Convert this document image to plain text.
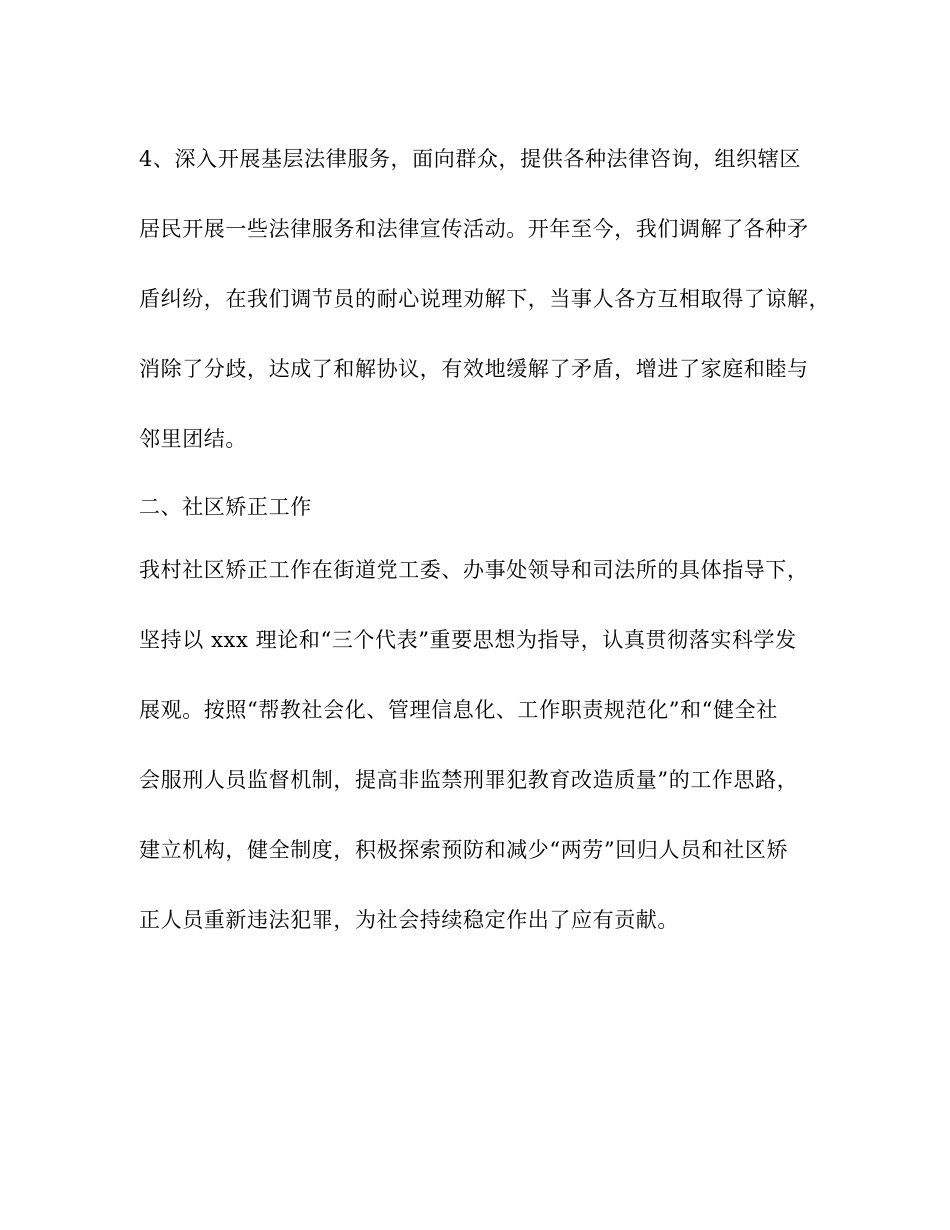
4、深入开展基层法律服务，面向群众，提供各种法律咨询，组织辖区
居民开展一些法律服务和法律宣传活动。开年至今，我们调解了各种矛
盾纠纷，在我们调节员的耐心说理劝解下，当事人各方互相取得了谅解，
消除了分歧，达成了和解协议，有效地缓解了矛盾，增进了家庭和睦与
邻里团结。
二、社区矫正工作
我村社区矫正工作在街道党工委、办事处领导和司法所的具体指导下，
坚持以 xxx 理论和“三个代表”重要思想为指导，认真贯彻落实科学发
展观。按照“帮教社会化、管理信息化、工作职责规范化”和“健全社
会服刑人员监督机制，提高非监禁刑罪犯教育改造质量”的工作思路，
建立机构，健全制度，积极探索预防和减少“两劳”回归人员和社区矫
正人员重新违法犯罪，为社会持续稳定作出了应有贡献。
